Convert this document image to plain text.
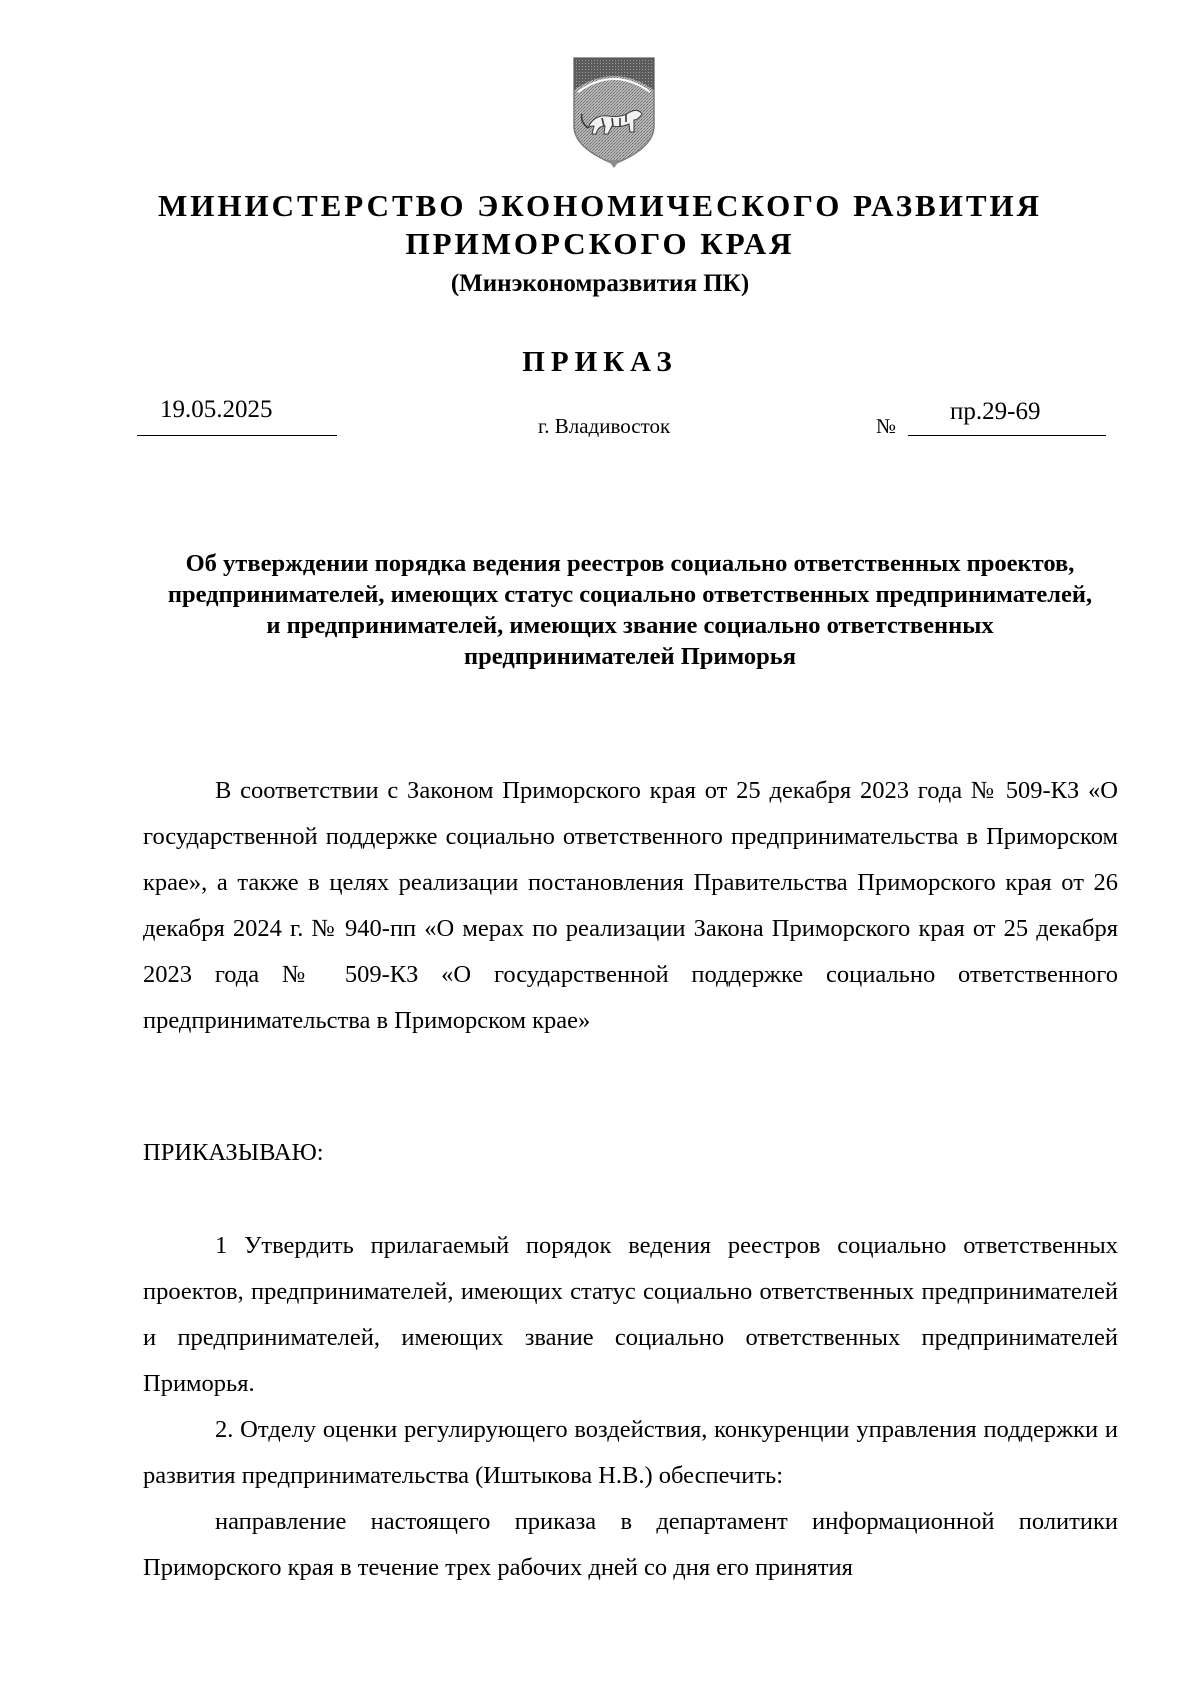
МИНИСТЕРСТВО ЭКОНОМИЧЕСКОГО РАЗВИТИЯ
ПРИМОРСКОГО КРАЯ
(Минэкономразвития ПК)
ПРИКАЗ
19.05.2025
г. Владивосток	№
пр.29-69
Об утверждении порядка ведения реестров социально ответственных проектов, предпринимателей, имеющих статус социально ответственных предпринимателей, и предпринимателей, имеющих звание социально ответственных предпринимателей Приморья

В соответствии с Законом Приморского края от 25 декабря 2023 года № 509-КЗ «О государственной поддержке социально ответственного предпринимательства в Приморском крае», а также в целях реализации постановления Правительства Приморского края от 26 декабря 2024 г. № 940-пп «О мерах по реализации Закона Приморского края от 25 декабря 2023 года № 509-КЗ «О государственной поддержке социально ответственного предпринимательства в Приморском крае»

ПРИКАЗЫВАЮ:

1 Утвердить прилагаемый порядок ведения реестров социально ответственных проектов, предпринимателей, имеющих статус социально ответственных предпринимателей и предпринимателей, имеющих звание социально ответственных предпринимателей Приморья.

2. Отделу оценки регулирующего воздействия, конкуренции управления поддержки и развития предпринимательства (Иштыкова Н.В.) обеспечить:

направление настоящего приказа в департамент информационной политики Приморского края в течение трех рабочих дней со дня его принятия
